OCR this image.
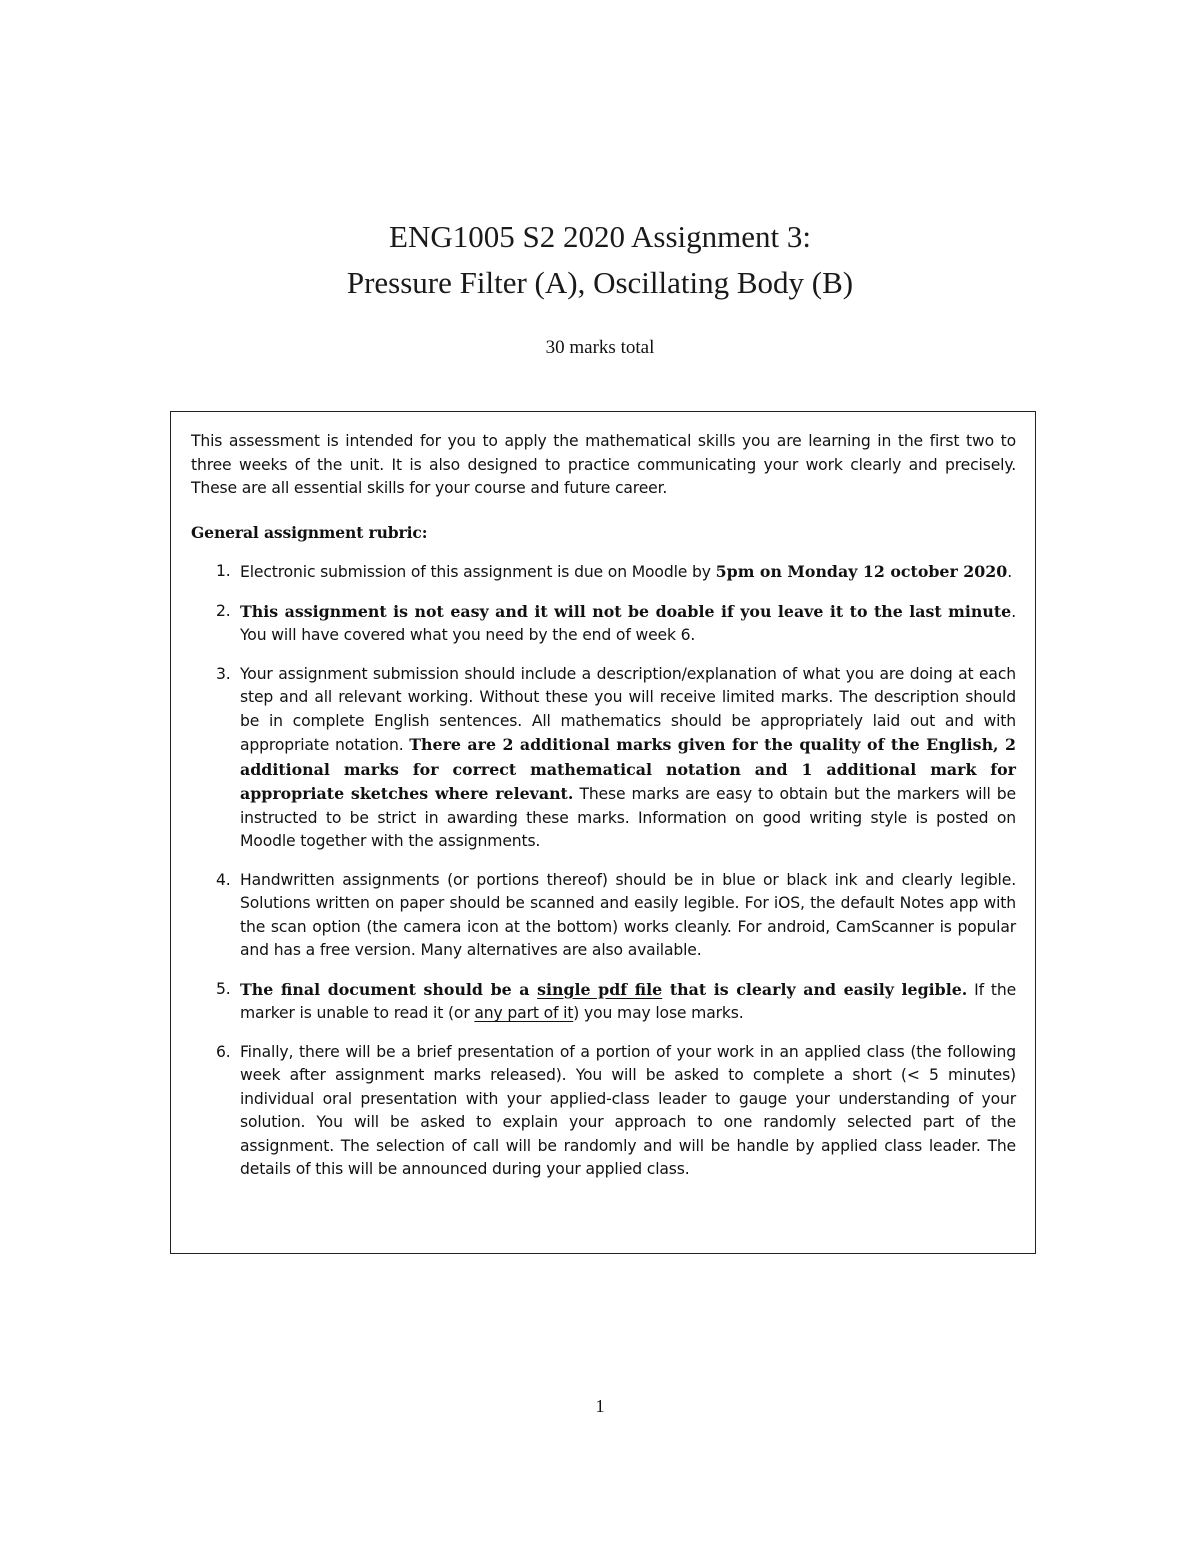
ENG1005 S2 2020 Assignment 3:
Pressure Filter (A), Oscillating Body (B)
30 marks total

This assessment is intended for you to apply the mathematical skills you are learning in the first two to three weeks of the unit. It is also designed to practice communicating your work clearly and precisely. These are all essential skills for your course and future career.

General assignment rubric:

1. Electronic submission of this assignment is due on Moodle by 5pm on Monday 12 october 2020.
2. This assignment is not easy and it will not be doable if you leave it to the last minute. You will have covered what you need by the end of week 6.
3. Your assignment submission should include a description/explanation of what you are doing at each step and all relevant working. Without these you will receive limited marks. The description should be in complete English sentences. All mathematics should be appropriately laid out and with appropriate notation. There are 2 additional marks given for the quality of the English, 2 additional marks for correct mathematical notation and 1 additional mark for appropriate sketches where relevant. These marks are easy to obtain but the markers will be instructed to be strict in awarding these marks. Information on good writing style is posted on Moodle together with the assignments.
4. Handwritten assignments (or portions thereof) should be in blue or black ink and clearly legible. Solutions written on paper should be scanned and easily legible. For iOS, the default Notes app with the scan option (the camera icon at the bottom) works cleanly. For android, CamScanner is popular and has a free version. Many alternatives are also available.
5. The final document should be a single pdf file that is clearly and easily legible. If the marker is unable to read it (or any part of it) you may lose marks.
6. Finally, there will be a brief presentation of a portion of your work in an applied class (the following week after assignment marks released). You will be asked to complete a short (< 5 minutes) individual oral presentation with your applied-class leader to gauge your understanding of your solution. You will be asked to explain your approach to one randomly selected part of the assignment. The selection of call will be randomly and will be handle by applied class leader. The details of this will be announced during your applied class.
1
